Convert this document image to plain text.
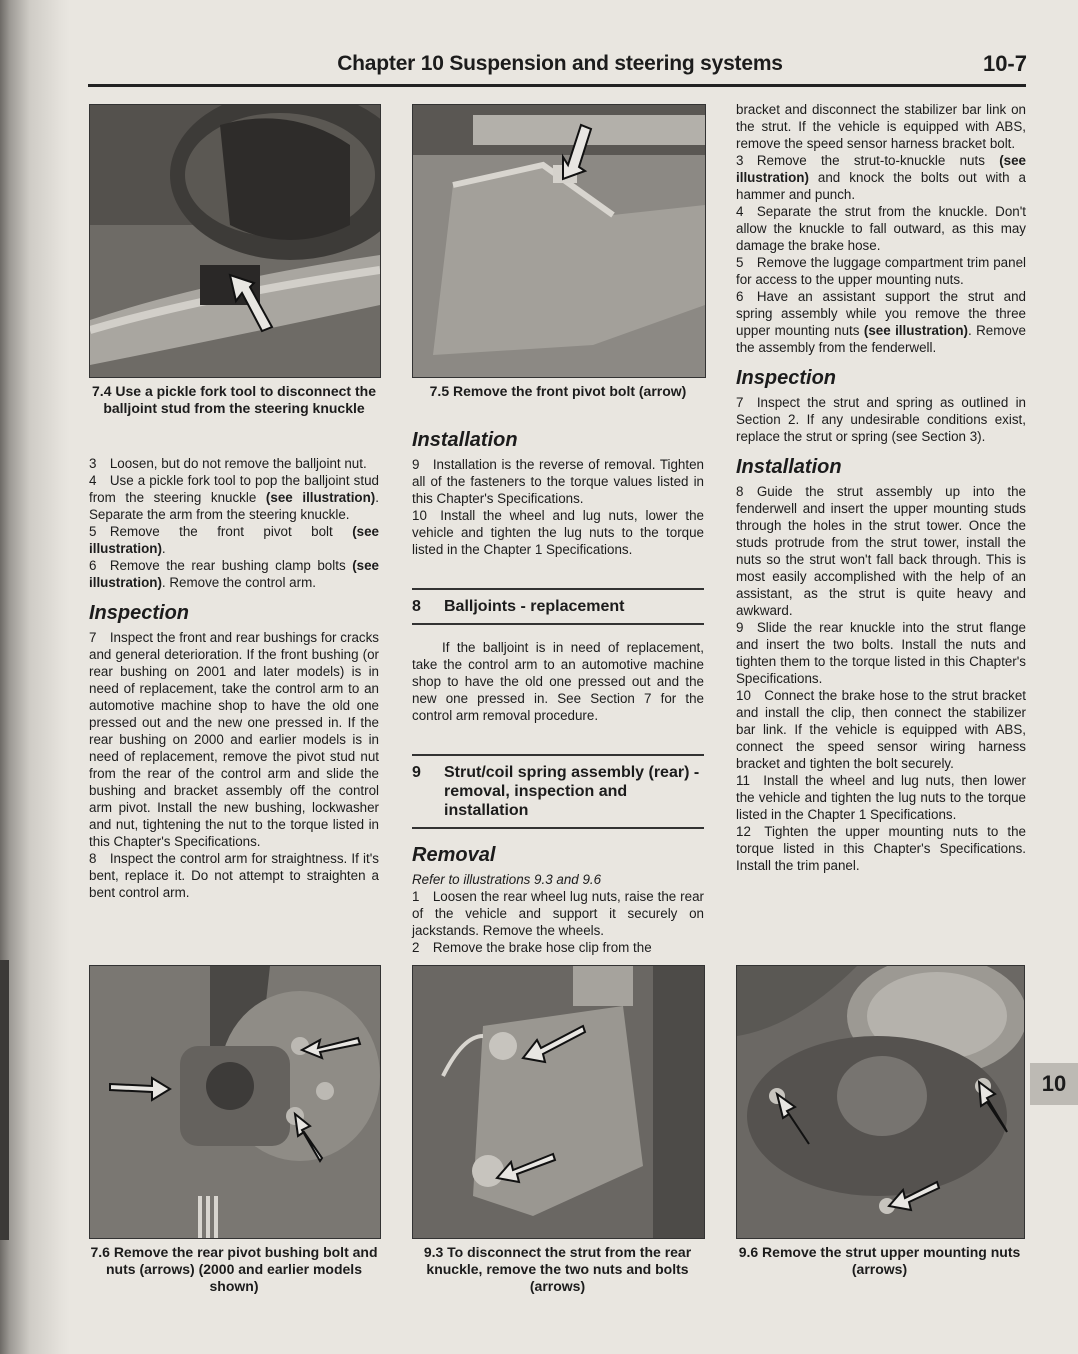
Chapter 10 Suspension and steering systems	10-7
7.4 Use a pickle fork tool to disconnect the balljoint stud from the steering knuckle
7.5 Remove the front pivot bolt (arrow)

3 Loosen, but do not remove the balljoint nut.

4 Use a pickle fork tool to pop the balljoint stud from the steering knuckle (see illustration). Separate the arm from the steering knuckle.

5 Remove the front pivot bolt (see illustration).

6 Remove the rear bushing clamp bolts (see illustration). Remove the control arm.

Inspection

7 Inspect the front and rear bushings for cracks and general deterioration. If the front bushing (or rear bushing on 2001 and later models) is in need of replacement, take the control arm to an automotive machine shop to have the old one pressed out and the new one pressed in. If the rear bushing on 2000 and earlier models is in need of replacement, remove the pivot stud nut from the rear of the control arm and slide the bushing and bracket assembly off the control arm pivot. Install the new bushing, lockwasher and nut, tightening the nut to the torque listed in this Chapter's Specifications.

8 Inspect the control arm for straightness. If it's bent, replace it. Do not attempt to straighten a bent control arm.

Installation

9 Installation is the reverse of removal. Tighten all of the fasteners to the torque values listed in this Chapter's Specifications.

10 Install the wheel and lug nuts, lower the vehicle and tighten the lug nuts to the torque listed in the Chapter 1 Specifications.

8	Balljoints - replacement

If the balljoint is in need of replacement, take the control arm to an automotive machine shop to have the old one pressed out and the new one pressed in. See Section 7 for the control arm removal procedure.

9	Strut/coil spring assembly (rear) - removal, inspection and installation
Removal

Refer to illustrations 9.3 and 9.6

1 Loosen the rear wheel lug nuts, raise the rear of the vehicle and support it securely on jackstands. Remove the wheels.

2 Remove the brake hose clip from the

bracket and disconnect the stabilizer bar link on the strut. If the vehicle is equipped with ABS, remove the speed sensor harness bracket bolt.

3 Remove the strut-to-knuckle nuts (see illustration) and knock the bolts out with a hammer and punch.

4 Separate the strut from the knuckle. Don't allow the knuckle to fall outward, as this may damage the brake hose.

5 Remove the luggage compartment trim panel for access to the upper mounting nuts.

6 Have an assistant support the strut and spring assembly while you remove the three upper mounting nuts (see illustration). Remove the assembly from the fenderwell.

Inspection

7 Inspect the strut and spring as outlined in Section 2. If any undesirable conditions exist, replace the strut or spring (see Section 3).

Installation

8 Guide the strut assembly up into the fenderwell and insert the upper mounting studs through the holes in the strut tower. Once the studs protrude from the strut tower, install the nuts so the strut won't fall back through. This is most easily accomplished with the help of an assistant, as the strut is quite heavy and awkward.

9 Slide the rear knuckle into the strut flange and insert the two bolts. Install the nuts and tighten them to the torque listed in this Chapter's Specifications.

10 Connect the brake hose to the strut bracket and install the clip, then connect the stabilizer bar link. If the vehicle is equipped with ABS, connect the speed sensor wiring harness bracket and tighten the bolt securely.

11 Install the wheel and lug nuts, then lower the vehicle and tighten the lug nuts to the torque listed in the Chapter 1 Specifications.

12 Tighten the upper mounting nuts to the torque listed in this Chapter's Specifications. Install the trim panel.

7.6 Remove the rear pivot bushing bolt and nuts (arrows) (2000 and earlier models shown)
9.3 To disconnect the strut from the rear knuckle, remove the two nuts and bolts (arrows)
9.6 Remove the strut upper mounting nuts (arrows)
10
